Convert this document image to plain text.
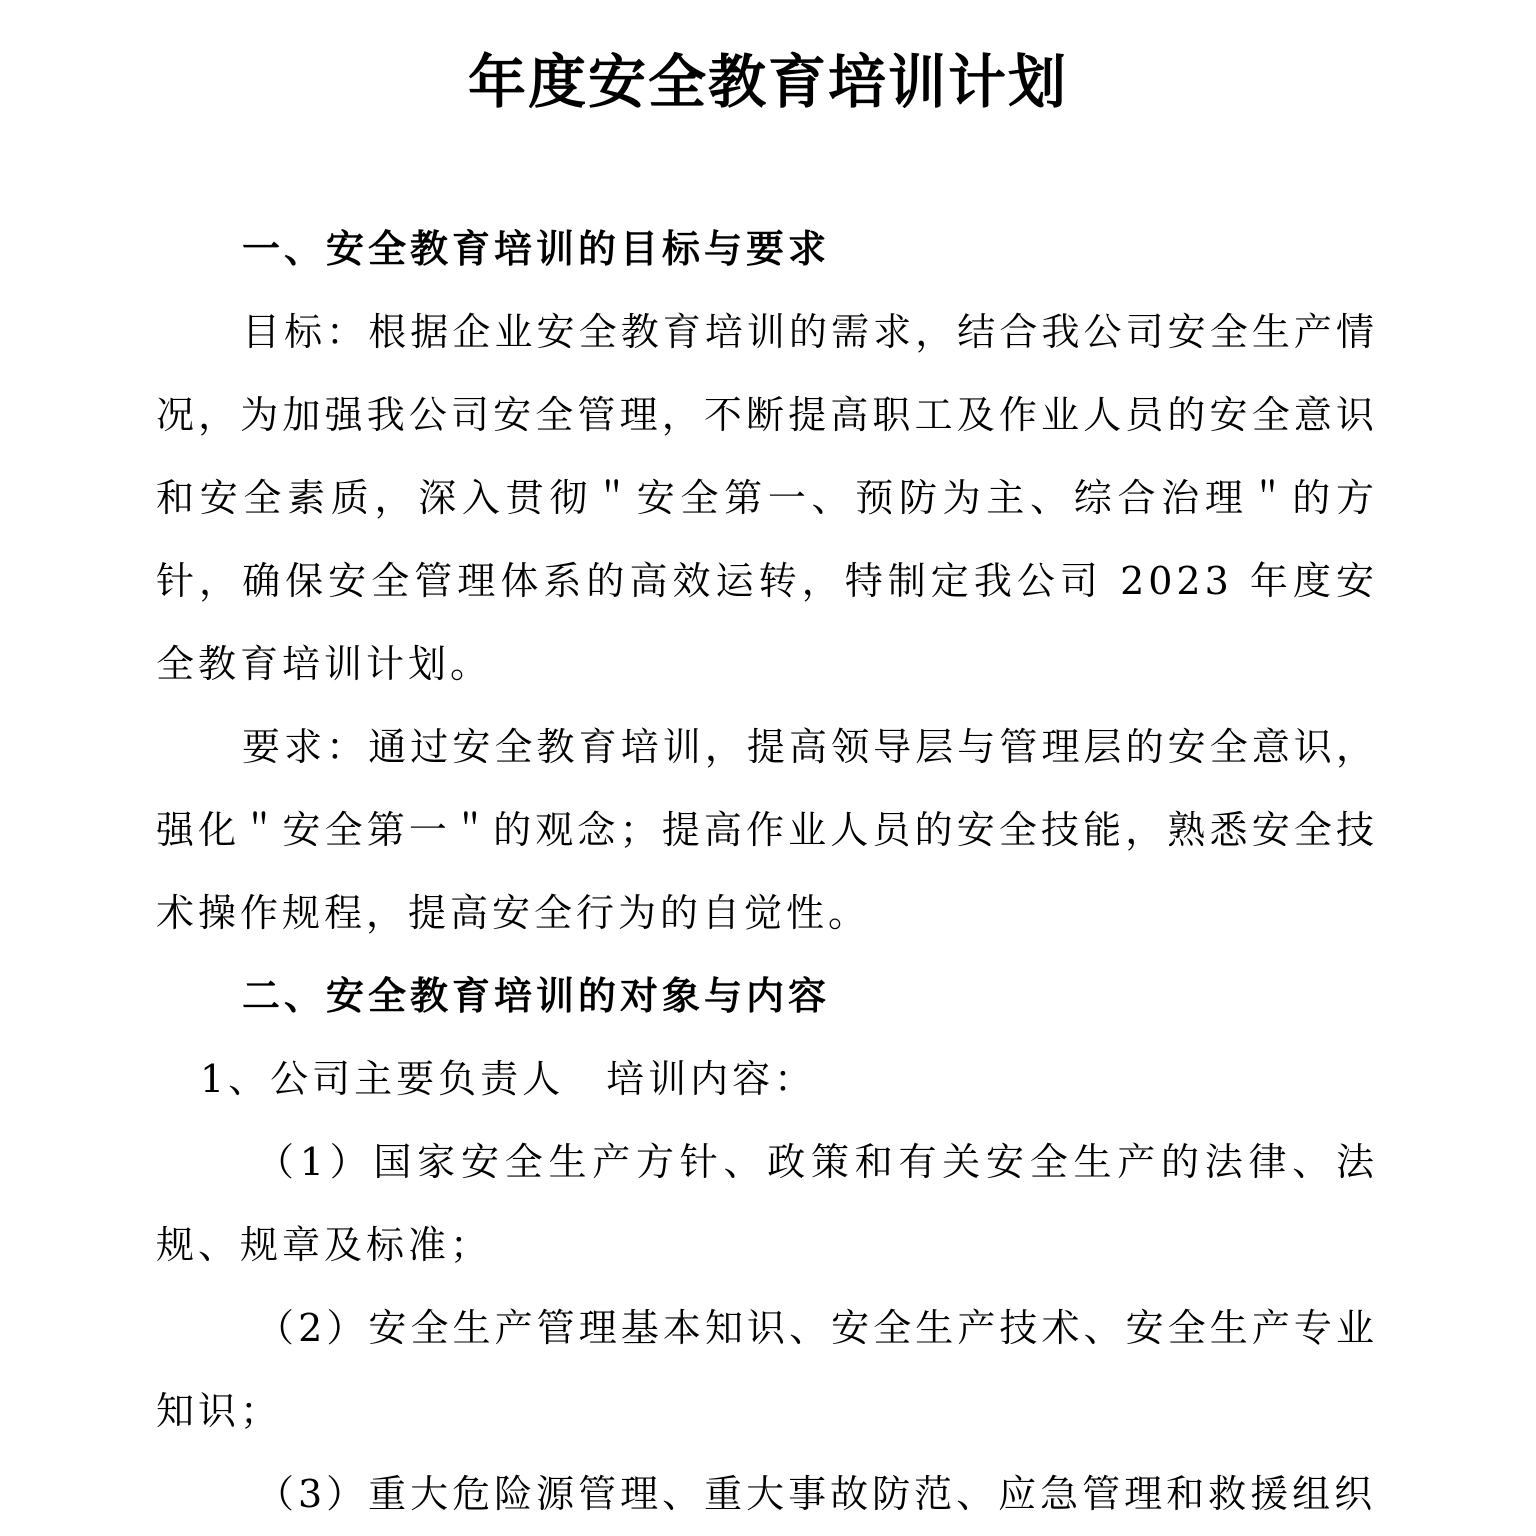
年度安全教育培训计划

一、安全教育培训的目标与要求

目标：根据企业安全教育培训的需求，结合我公司安全生产情况，为加强我公司安全管理，不断提高职工及作业人员的安全意识和安全素质，深入贯彻＂安全第一、预防为主、综合治理＂的方针，确保安全管理体系的高效运转，特制定我公司 2023 年度安全教育培训计划。

要求：通过安全教育培训，提高领导层与管理层的安全意识，强化＂安全第一＂的观念；提高作业人员的安全技能，熟悉安全技术操作规程，提高安全行为的自觉性。

二、安全教育培训的对象与内容

1、公司主要负责人　培训内容：

（1）国家安全生产方针、政策和有关安全生产的法律、法规、规章及标准；

（2）安全生产管理基本知识、安全生产技术、安全生产专业知识；

（3）重大危险源管理、重大事故防范、应急管理和救援组织
